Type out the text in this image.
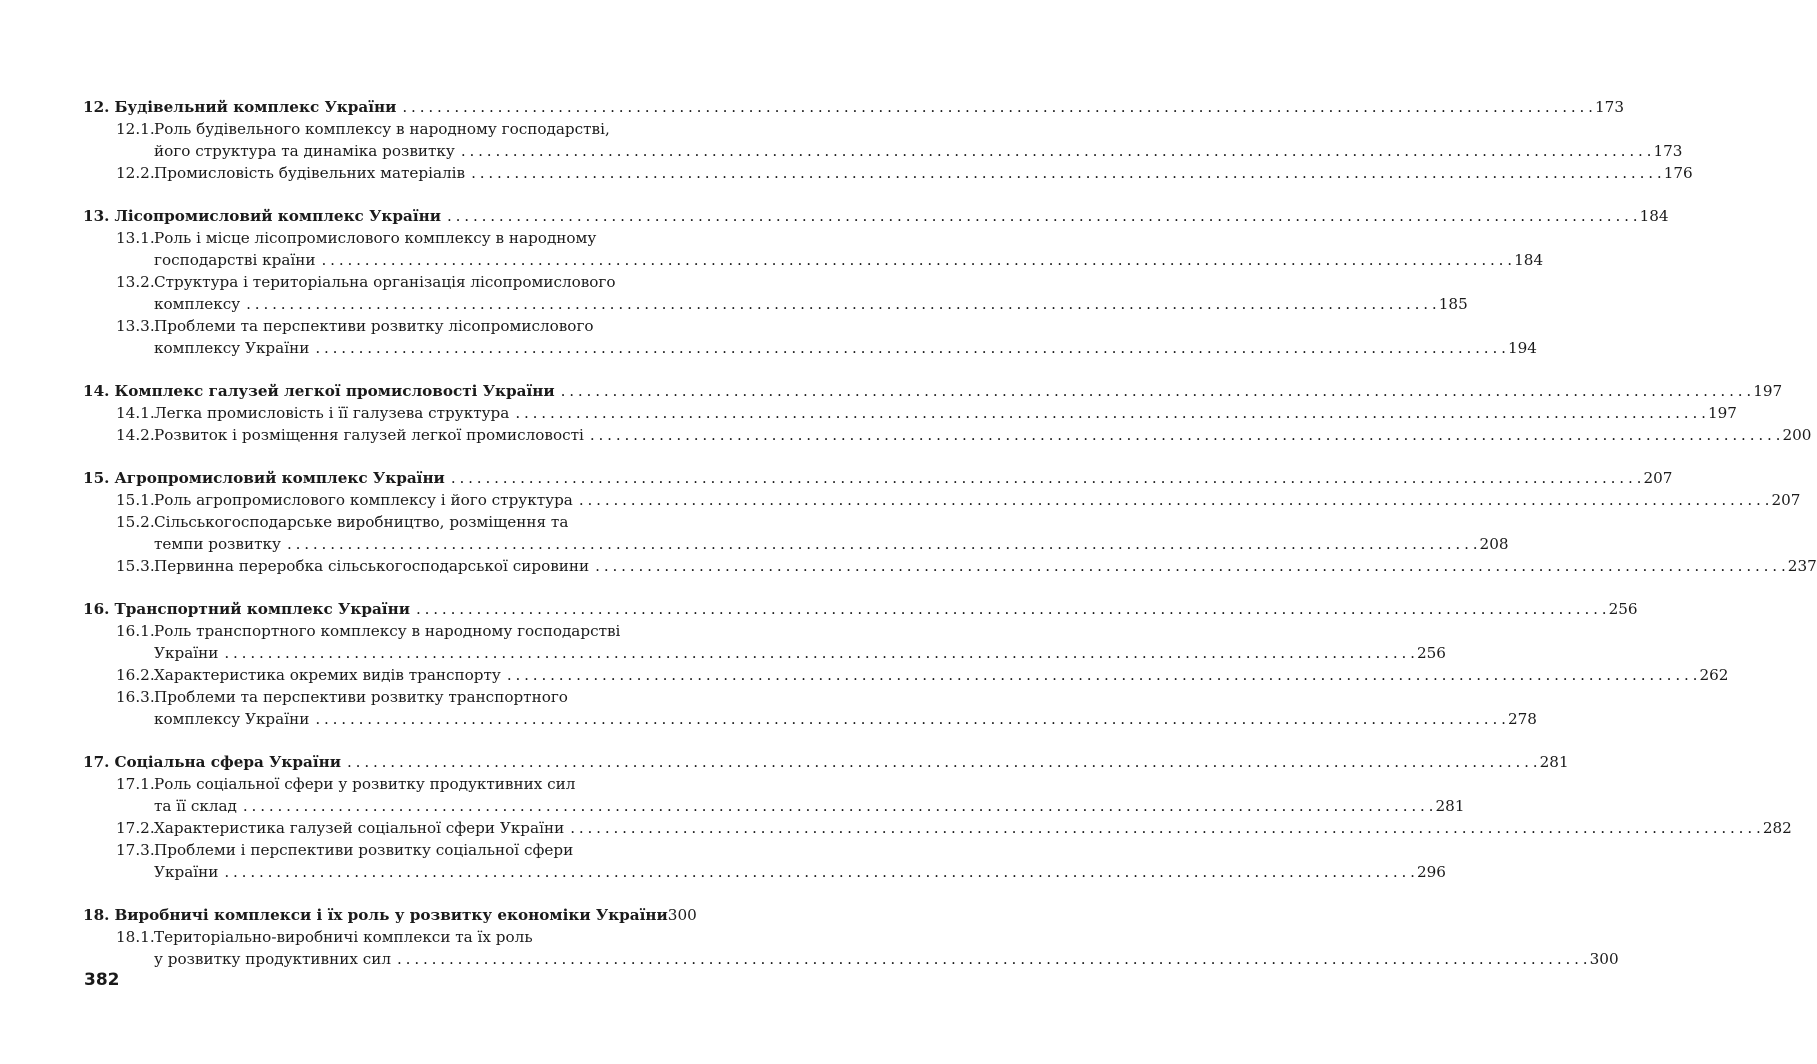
12. Будівельний комплекс України . . .	173
12.1. Роль будівельного комплексу в народному господарстві,
його структура та динаміка розвитку . . .	173
12.2. Промисловість будівельних матеріалів . . .	176
13. Лісопромисловий комплекс України . . .	184
13.1. Роль і місце лісопромислового комплексу в народному
господарстві країни . . .	184
13.2. Структура і територіальна організація лісопромислового
комплексу . . .	185
13.3. Проблеми та перспективи розвитку лісопромислового
комплексу України . . .	194
14. Комплекс галузей легкої промисловості України . . .	197
14.1. Легка промисловість і її галузева структура . . .	197
14.2. Розвиток і розміщення галузей легкої промисловості . . .	200
15. Агропромисловий комплекс України . . .	207
15.1. Роль агропромислового комплексу і його структура . . .	207
15.2. Сільськогосподарське виробництво, розміщення та
темпи розвитку . . .	208
15.3. Первинна переробка сільськогосподарської сировини . . .	237
16. Транспортний комплекс України . . .	256
16.1. Роль транспортного комплексу в народному господарстві
України . . .	256
16.2. Характеристика окремих видів транспорту . . .	262
16.3. Проблеми та перспективи розвитку транспортного
комплексу України . . .	278
17. Соціальна сфера України . . .	281
17.1. Роль соціальної сфери у розвитку продуктивних сил
та її склад . . .	281
17.2. Характеристика галузей соціальної сфери України . . .	282
17.3. Проблеми і перспективи розвитку соціальної сфери
України . . .	296
18. Виробничі комплекси і їх роль у розвитку економіки України 300
18.1. Територіально-виробничі комплекси та їх роль
у розвитку продуктивних сил . . .	300
382
